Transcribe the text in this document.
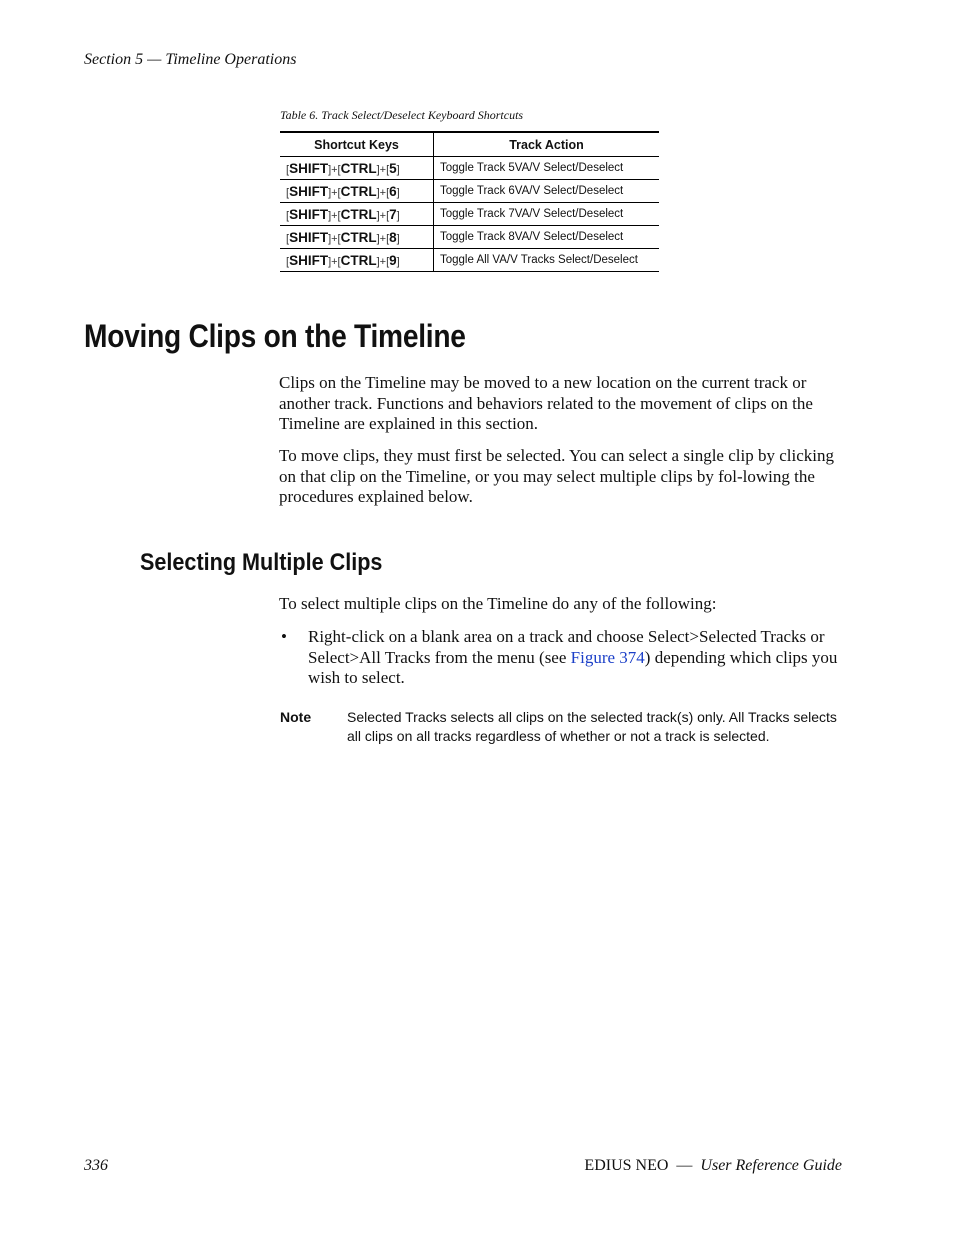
Section 5 — Timeline Operations
Table 6. Track Select/Deselect Keyboard Shortcuts
Shortcut Keys	Track Action
[SHIFT]+[CTRL]+[5]	Toggle Track 5VA/V Select/Deselect
[SHIFT]+[CTRL]+[6]	Toggle Track 6VA/V Select/Deselect
[SHIFT]+[CTRL]+[7]	Toggle Track 7VA/V Select/Deselect
[SHIFT]+[CTRL]+[8]	Toggle Track 8VA/V Select/Deselect
[SHIFT]+[CTRL]+[9]	Toggle All VA/V Tracks Select/Deselect
Moving Clips on the Timeline
Clips on the Timeline may be moved to a new location on the current track or another track. Functions and behaviors related to the movement of clips on the Timeline are explained in this section.
To move clips, they must first be selected. You can select a single clip by clicking on that clip on the Timeline, or you may select multiple clips by fol-lowing the procedures explained below.
Selecting Multiple Clips
To select multiple clips on the Timeline do any of the following:
• Right-click on a blank area on a track and choose Select>Selected Tracks or Select>All Tracks from the menu (see Figure 374) depending which clips you wish to select.
Note	Selected Tracks selects all clips on the selected track(s) only. All Tracks selects all clips on all tracks regardless of whether or not a track is selected.
336	EDIUS NEO — User Reference Guide
